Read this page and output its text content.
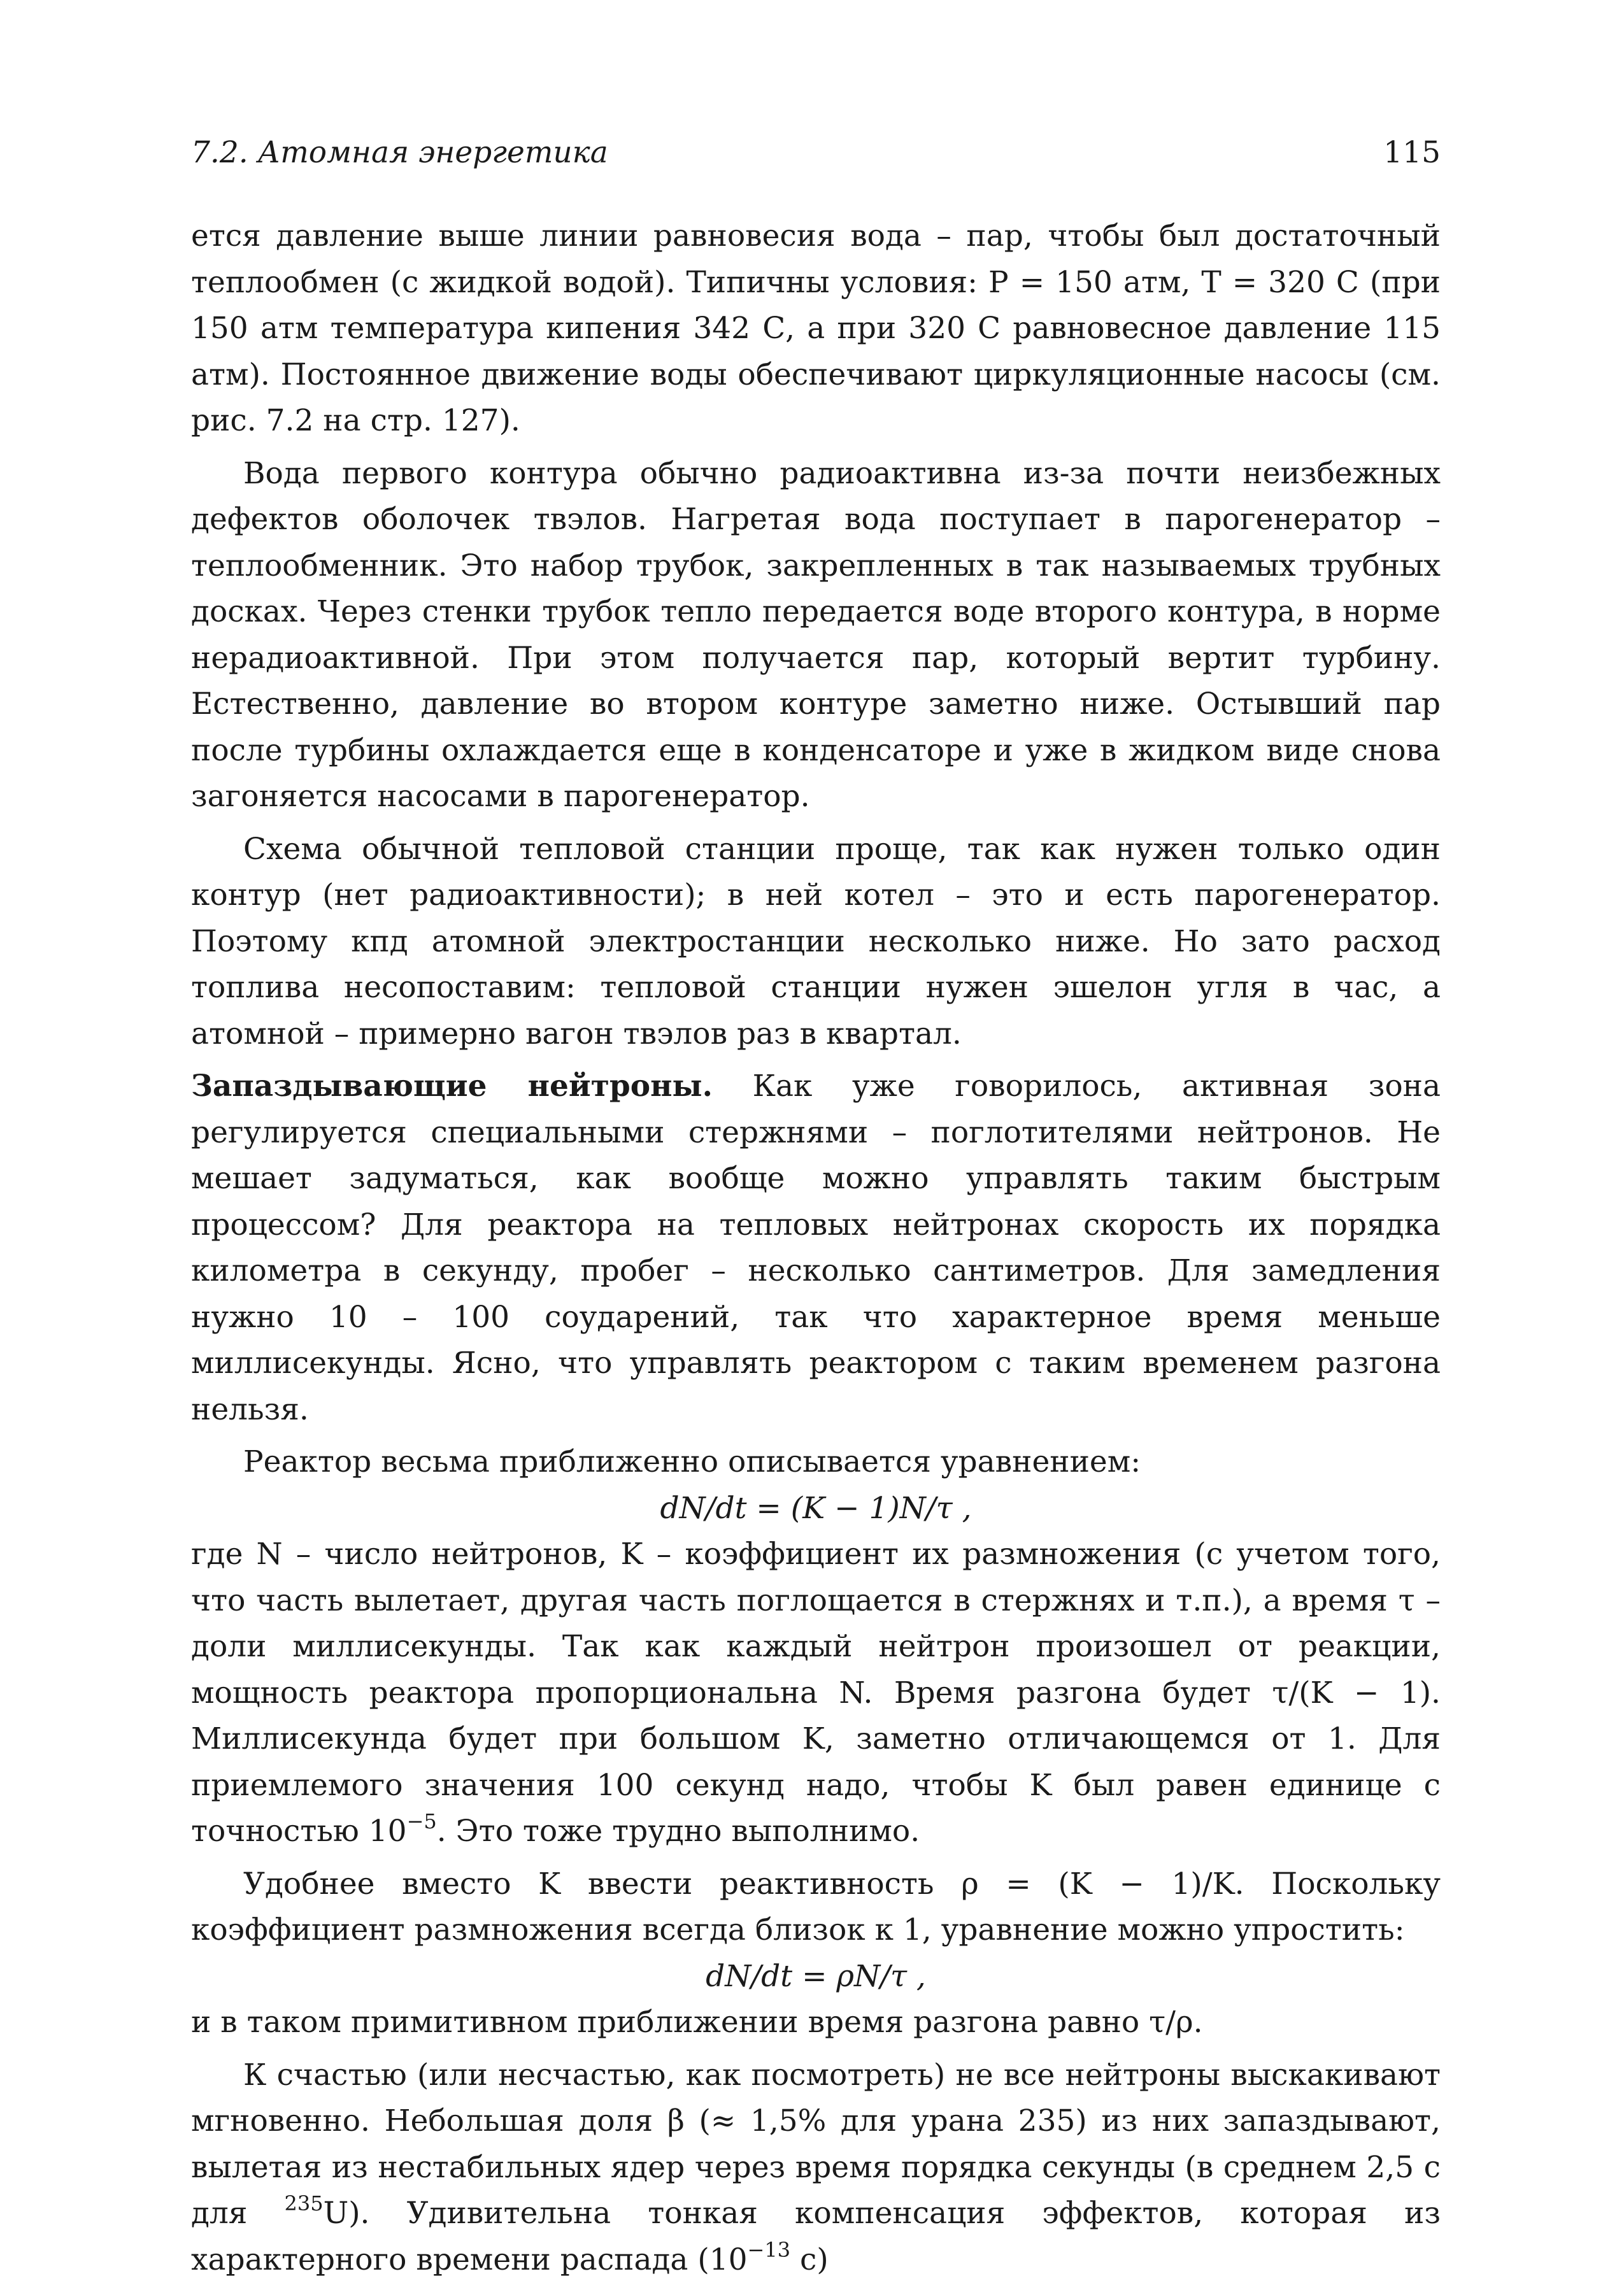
7.2. Атомная энергетика	115

ется давление выше линии равновесия вода – пар, чтобы был достаточный теплообмен (с жидкой водой). Типичны условия: P = 150 атм, T = 320 С (при 150 атм температура кипения 342 С, а при 320 С равновесное давление 115 атм). Постоянное движение воды обеспечивают циркуляционные насосы (см. рис. 7.2 на стр. 127).

Вода первого контура обычно радиоактивна из-за почти неизбежных дефектов оболочек твэлов. Нагретая вода поступает в парогенератор – теплообменник. Это набор трубок, закрепленных в так называемых трубных досках. Через стенки трубок тепло передается воде второго контура, в норме нерадиоактивной. При этом получается пар, который вертит турбину. Естественно, давление во втором контуре заметно ниже. Остывший пар после турбины охлаждается еще в конденсаторе и уже в жидком виде снова загоняется насосами в парогенератор.

Схема обычной тепловой станции проще, так как нужен только один контур (нет радиоактивности); в ней котел – это и есть парогенератор. Поэтому кпд атомной электростанции несколько ниже. Но зато расход топлива несопоставим: тепловой станции нужен эшелон угля в час, а атомной – примерно вагон твэлов раз в квартал.

Запаздывающие нейтроны. Как уже говорилось, активная зона регулируется специальными стержнями – поглотителями нейтронов. Не мешает задуматься, как вообще можно управлять таким быстрым процессом? Для реактора на тепловых нейтронах скорость их порядка километра в секунду, пробег – несколько сантиметров. Для замедления нужно 10 – 100 соударений, так что характерное время меньше миллисекунды. Ясно, что управлять реактором с таким временем разгона нельзя.

Реактор весьма приближенно описывается уравнением:

dN/dt = (K − 1)N/τ ,

где N – число нейтронов, K – коэффициент их размножения (с учетом того, что часть вылетает, другая часть поглощается в стержнях и т.п.), а время τ – доли миллисекунды. Так как каждый нейтрон произошел от реакции, мощность реактора пропорциональна N. Время разгона будет τ/(K − 1). Миллисекунда будет при большом K, заметно отличающемся от 1. Для приемлемого значения 100 секунд надо, чтобы K был равен единице с точностью $10^{-5}$. Это тоже трудно выполнимо.

Удобнее вместо K ввести реактивность ρ = (K − 1)/K. Поскольку коэффициент размножения всегда близок к 1, уравнение можно упростить:

dN/dt = ρN/τ ,

и в таком примитивном приближении время разгона равно τ/ρ.

К счастью (или несчастью, как посмотреть) не все нейтроны выскакивают мгновенно. Небольшая доля β (≈ 1,5% для урана 235) из них запаздывают, вылетая из нестабильных ядер через время порядка секунды (в среднем 2,5 с для $^{235}$U). Удивительна тонкая компенсация эффектов, которая из характерного времени распада ($10^{-13}$ с)
